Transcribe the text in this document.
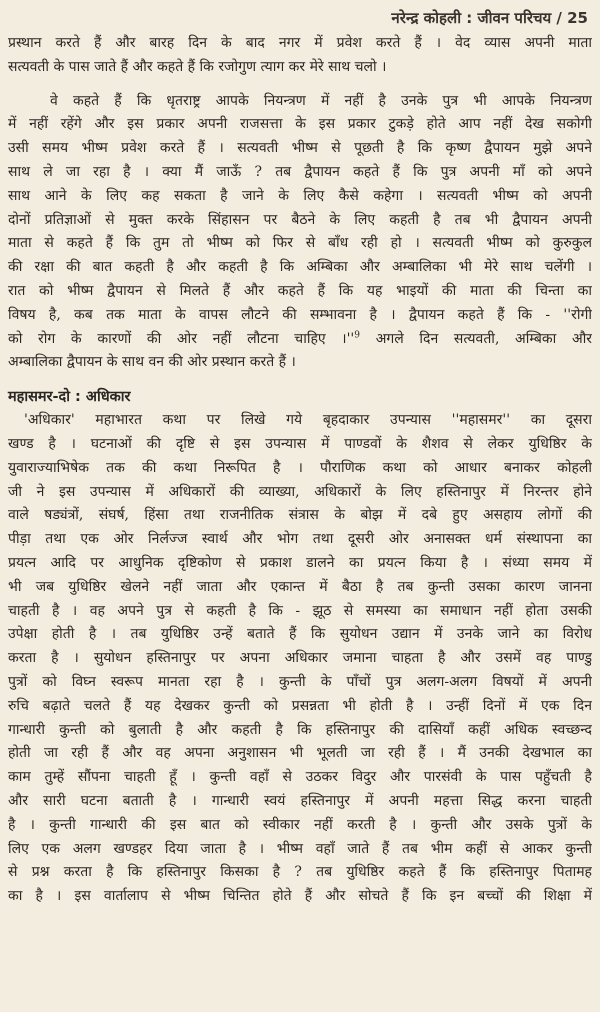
नरेन्द्र कोहली : जीवन परिचय / 25
प्रस्थान करते हैं और बारह दिन के बाद नगर में प्रवेश करते हैं । वेद व्यास अपनी माता
सत्यवती के पास जाते हैं और कहते हैं कि रजोगुण त्याग कर मेरे साथ चलो ।
वे कहते हैं कि धृतराष्ट्र आपके नियन्त्रण में नहीं है उनके पुत्र भी आपके नियन्त्रण
में नहीं रहेंगे और इस प्रकार अपनी राजसत्ता के इस प्रकार टुकड़े होते आप नहीं देख सकोगी
उसी समय भीष्म प्रवेश करते हैं । सत्यवती भीष्म से पूछती है कि कृष्ण द्वैपायन मुझे अपने
साथ ले जा रहा है । क्या मैं जाऊँ ? तब द्वैपायन कहते हैं कि पुत्र अपनी माँ को अपने
साथ आने के लिए कह सकता है जाने के लिए कैसे कहेगा । सत्यवती भीष्म को अपनी
दोनों प्रतिज्ञाओं से मुक्त करके सिंहासन पर बैठने के लिए कहती है तब भी द्वैपायन अपनी
माता से कहते हैं कि तुम तो भीष्म को फिर से बाँध रही हो । सत्यवती भीष्म को कुरुकुल
की रक्षा की बात कहती है और कहती है कि अम्बिका और अम्बालिका भी मेरे साथ चलेंगी ।
रात को भीष्म द्वैपायन से मिलते हैं और कहते हैं कि यह भाइयों की माता की चिन्ता का
विषय है, कब तक माता के वापस लौटने की सम्भावना है । द्वैपायन कहते हैं कि - ''रोगी
को रोग के कारणों की ओर नहीं लौटना चाहिए $।''^9$ अगले दिन सत्यवती, अम्बिका और
अम्बालिका द्वैपायन के साथ वन की ओर प्रस्थान करते हैं ।
महासमर-दो : अधिकार
'अधिकार' महाभारत कथा पर लिखे गये बृहदाकार उपन्यास ''महासमर'' का दूसरा
खण्ड है । घटनाओं की दृष्टि से इस उपन्यास में पाण्डवों के शैशव से लेकर युधिष्ठिर के
युवाराज्याभिषेक तक की कथा निरूपित है । पौराणिक कथा को आधार बनाकर कोहली
जी ने इस उपन्यास में अधिकारों की व्याख्या, अधिकारों के लिए हस्तिनापुर में निरन्तर होने
वाले षड्यंत्रों, संघर्ष, हिंसा तथा राजनीतिक संत्रास के बोझ में दबे हुए असहाय लोगों की
पीड़ा तथा एक ओर निर्लज्ज स्वार्थ और भोग तथा दूसरी ओर अनासक्त धर्म संस्थापना का
प्रयत्न आदि पर आधुनिक दृष्टिकोण से प्रकाश डालने का प्रयत्न किया है । संध्या समय में
भी जब युधिष्ठिर खेलने नहीं जाता और एकान्त में बैठा है तब कुन्ती उसका कारण जानना
चाहती है । वह अपने पुत्र से कहती है कि - झूठ से समस्या का समाधान नहीं होता उसकी
उपेक्षा होती है । तब युधिष्ठिर उन्हें बताते हैं कि सुयोधन उद्यान में उनके जाने का विरोध
करता है । सुयोधन हस्तिनापुर पर अपना अधिकार जमाना चाहता है और उसमें वह पाण्डु
पुत्रों को विघ्न स्वरूप मानता रहा है । कुन्ती के पाँचों पुत्र अलग-अलग विषयों में अपनी
रुचि बढ़ाते चलते हैं यह देखकर कुन्ती को प्रसन्नता भी होती है । उन्हीं दिनों में एक दिन
गान्धारी कुन्ती को बुलाती है और कहती है कि हस्तिनापुर की दासियाँ कहीं अधिक स्वच्छन्द
होती जा रही हैं और वह अपना अनुशासन भी भूलती जा रही हैं । मैं उनकी देखभाल का
काम तुम्हें सौंपना चाहती हूँ । कुन्ती वहाँ से उठकर विदुर और पारसंवी के पास पहुँचती है
और सारी घटना बताती है । गान्धारी स्वयं हस्तिनापुर में अपनी महत्ता सिद्ध करना चाहती
है । कुन्ती गान्धारी की इस बात को स्वीकार नहीं करती है । कुन्ती और उसके पुत्रों के
लिए एक अलग खण्डहर दिया जाता है । भीष्म वहाँ जाते हैं तब भीम कहीं से आकर कुन्ती
से प्रश्न करता है कि हस्तिनापुर किसका है ? तब युधिष्ठिर कहते हैं कि हस्तिनापुर पितामह
का है । इस वार्तालाप से भीष्म चिन्तित होते हैं और सोचते हैं कि इन बच्चों की शिक्षा में
